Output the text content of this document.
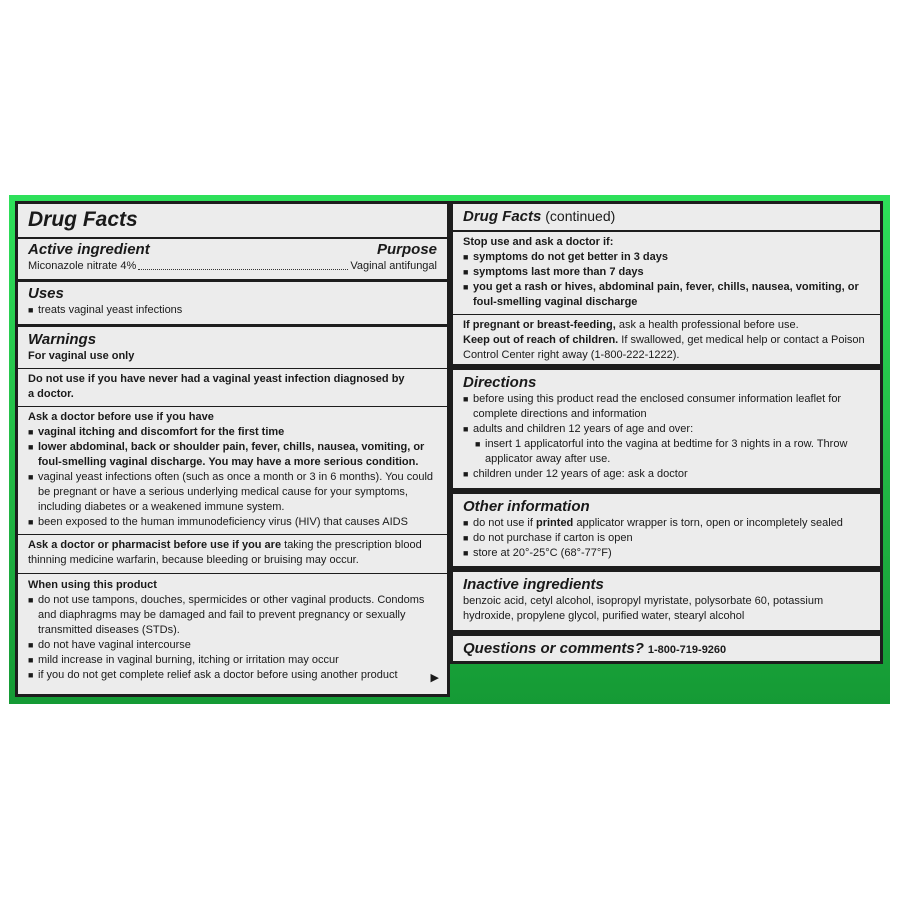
Drug Facts
Active ingredient	Purpose
Miconazole nitrate 4%	Vaginal antifungal
Uses
■ treats vaginal yeast infections
Warnings
For vaginal use only
Do not use if you have never had a vaginal yeast infection diagnosed by a doctor.
Ask a doctor before use if you have
■ vaginal itching and discomfort for the first time
■ lower abdominal, back or shoulder pain, fever, chills, nausea, vomiting, or foul-smelling vaginal discharge. You may have a more serious condition.
■ vaginal yeast infections often (such as once a month or 3 in 6 months). You could be pregnant or have a serious underlying medical cause for your symptoms, including diabetes or a weakened immune system.
■ been exposed to the human immunodeficiency virus (HIV) that causes AIDS
Ask a doctor or pharmacist before use if you are taking the prescription blood thinning medicine warfarin, because bleeding or bruising may occur.
When using this product
■ do not use tampons, douches, spermicides or other vaginal products. Condoms and diaphragms may be damaged and fail to prevent pregnancy or sexually transmitted diseases (STDs).
■ do not have vaginal intercourse
■ mild increase in vaginal burning, itching or irritation may occur
■ if you do not get complete relief ask a doctor before using another product	▶
Drug Facts (continued)
Stop use and ask a doctor if:
■ symptoms do not get better in 3 days
■ symptoms last more than 7 days
■ you get a rash or hives, abdominal pain, fever, chills, nausea, vomiting, or foul-smelling vaginal discharge
If pregnant or breast-feeding, ask a health professional before use.
Keep out of reach of children. If swallowed, get medical help or contact a Poison Control Center right away (1-800-222-1222).
Directions
■ before using this product read the enclosed consumer information leaflet for complete directions and information
■ adults and children 12 years of age and over:
■ insert 1 applicatorful into the vagina at bedtime for 3 nights in a row. Throw applicator away after use.
■ children under 12 years of age: ask a doctor
Other information
■ do not use if printed applicator wrapper is torn, open or incompletely sealed
■ do not purchase if carton is open
■ store at 20°-25°C (68°-77°F)
Inactive ingredients
benzoic acid, cetyl alcohol, isopropyl myristate, polysorbate 60, potassium hydroxide, propylene glycol, purified water, stearyl alcohol
Questions or comments? 1-800-719-9260
